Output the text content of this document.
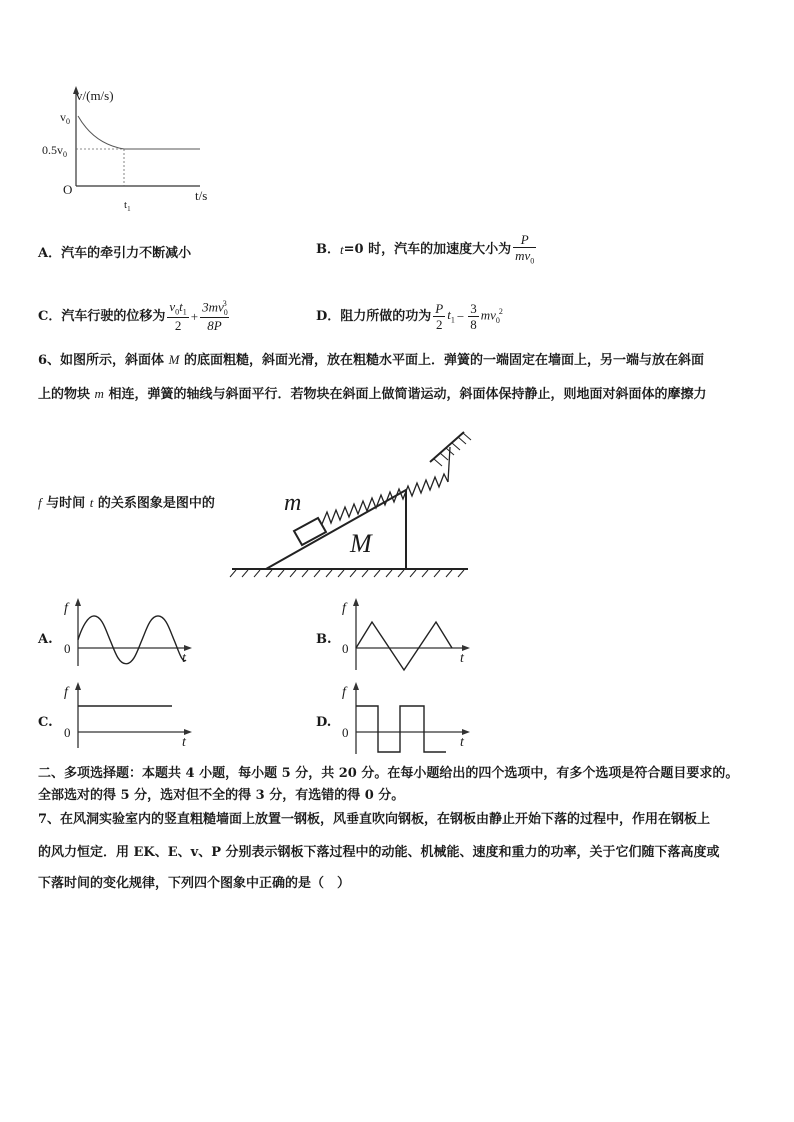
v/(m/s)
$v_0$
$0.5v_0$
O
$t_1$
t/s
A．汽车的牵引力不断减小	B． t =0 时，汽车的加速度大小为 $\frac{P}{mv_0}$
C．汽车行驶的位移为 $\frac{v_0t_1}{2} + \frac{3mv_0^3}{8P}$	D．阻力所做的功为 $\frac{P}{2} t_1 - \frac{3}{8} mv_0^2$
6、如图所示，斜面体 M 的底面粗糙，斜面光滑，放在粗糙水平面上．弹簧的一端固定在墙面上，另一端与放在斜面
上的物块 m 相连，弹簧的轴线与斜面平行．若物块在斜面上做简谐运动，斜面体保持静止，则地面对斜面体的摩擦力
f 与时间 t 的关系图象是图中的	m
M
A.
f
0
t
B.
f
0
t
C.
f
0
t
D.
f
0
t
二、多项选择题：本题共 4 小题，每小题 5 分，共 20 分。在每小题给出的四个选项中，有多个选项是符合题目要求的。
全部选对的得 5 分，选对但不全的得 3 分，有选错的得 0 分。
7、在风洞实验室内的竖直粗糙墙面上放置一钢板，风垂直吹向钢板，在钢板由静止开始下落的过程中，作用在钢板上
的风力恒定．用 EK、E、v、P 分别表示钢板下落过程中的动能、机械能、速度和重力的功率，关于它们随下落高度或
下落时间的变化规律，下列四个图象中正确的是（　）
